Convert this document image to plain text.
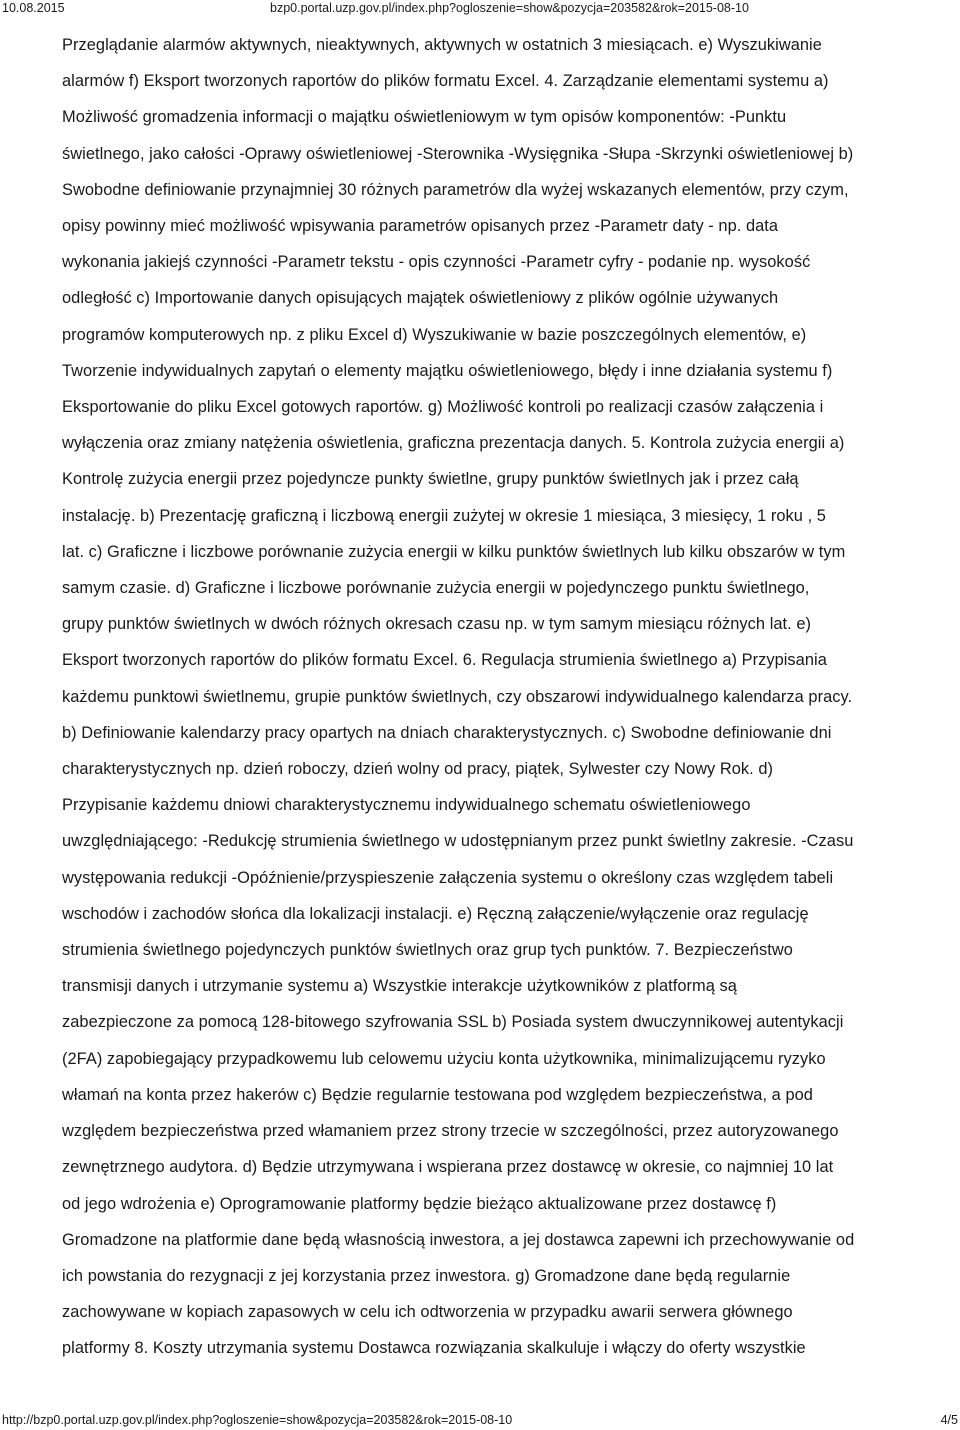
10.08.2015	bzp0.portal.uzp.gov.pl/index.php?ogloszenie=show&pozycja=203582&rok=2015-08-10
Przeglądanie alarmów aktywnych, nieaktywnych, aktywnych w ostatnich 3 miesiącach. e) Wyszukiwanie
alarmów f) Eksport tworzonych raportów do plików formatu Excel. 4. Zarządzanie elementami systemu a)
Możliwość gromadzenia informacji o majątku oświetleniowym w tym opisów komponentów: -Punktu
świetlnego, jako całości -Oprawy oświetleniowej -Sterownika -Wysięgnika -Słupa -Skrzynki oświetleniowej b)
Swobodne definiowanie przynajmniej 30 różnych parametrów dla wyżej wskazanych elementów, przy czym,
opisy powinny mieć możliwość wpisywania parametrów opisanych przez -Parametr daty - np. data
wykonania jakiejś czynności -Parametr tekstu - opis czynności -Parametr cyfry - podanie np. wysokość
odległość c) Importowanie danych opisujących majątek oświetleniowy z plików ogólnie używanych
programów komputerowych np. z pliku Excel d) Wyszukiwanie w bazie poszczególnych elementów, e)
Tworzenie indywidualnych zapytań o elementy majątku oświetleniowego, błędy i inne działania systemu f)
Eksportowanie do pliku Excel gotowych raportów. g) Możliwość kontroli po realizacji czasów załączenia i
wyłączenia oraz zmiany natężenia oświetlenia, graficzna prezentacja danych. 5. Kontrola zużycia energii a)
Kontrolę zużycia energii przez pojedyncze punkty świetlne, grupy punktów świetlnych jak i przez całą
instalację. b) Prezentację graficzną i liczbową energii zużytej w okresie 1 miesiąca, 3 miesięcy, 1 roku , 5
lat. c) Graficzne i liczbowe porównanie zużycia energii w kilku punktów świetlnych lub kilku obszarów w tym
samym czasie. d) Graficzne i liczbowe porównanie zużycia energii w pojedynczego punktu świetlnego,
grupy punktów świetlnych w dwóch różnych okresach czasu np. w tym samym miesiącu różnych lat. e)
Eksport tworzonych raportów do plików formatu Excel. 6. Regulacja strumienia świetlnego a) Przypisania
każdemu punktowi świetlnemu, grupie punktów świetlnych, czy obszarowi indywidualnego kalendarza pracy.
b) Definiowanie kalendarzy pracy opartych na dniach charakterystycznych. c) Swobodne definiowanie dni
charakterystycznych np. dzień roboczy, dzień wolny od pracy, piątek, Sylwester czy Nowy Rok. d)
Przypisanie każdemu dniowi charakterystycznemu indywidualnego schematu oświetleniowego
uwzględniającego: -Redukcję strumienia świetlnego w udostępnianym przez punkt świetlny zakresie. -Czasu
występowania redukcji -Opóźnienie/przyspieszenie załączenia systemu o określony czas względem tabeli
wschodów i zachodów słońca dla lokalizacji instalacji. e) Ręczną załączenie/wyłączenie oraz regulację
strumienia świetlnego pojedynczych punktów świetlnych oraz grup tych punktów. 7. Bezpieczeństwo
transmisji danych i utrzymanie systemu a) Wszystkie interakcje użytkowników z platformą są
zabezpieczone za pomocą 128-bitowego szyfrowania SSL b) Posiada system dwuczynnikowej autentykacji
(2FA) zapobiegający przypadkowemu lub celowemu użyciu konta użytkownika, minimalizującemu ryzyko
włamań na konta przez hakerów c) Będzie regularnie testowana pod względem bezpieczeństwa, a pod
względem bezpieczeństwa przed włamaniem przez strony trzecie w szczególności, przez autoryzowanego
zewnętrznego audytora. d) Będzie utrzymywana i wspierana przez dostawcę w okresie, co najmniej 10 lat
od jego wdrożenia e) Oprogramowanie platformy będzie bieżąco aktualizowane przez dostawcę f)
Gromadzone na platformie dane będą własnością inwestora, a jej dostawca zapewni ich przechowywanie od
ich powstania do rezygnacji z jej korzystania przez inwestora. g) Gromadzone dane będą regularnie
zachowywane w kopiach zapasowych w celu ich odtworzenia w przypadku awarii serwera głównego
platformy 8. Koszty utrzymania systemu Dostawca rozwiązania skalkuluje i włączy do oferty wszystkie
http://bzp0.portal.uzp.gov.pl/index.php?ogloszenie=show&pozycja=203582&rok=2015-08-10	4/5
